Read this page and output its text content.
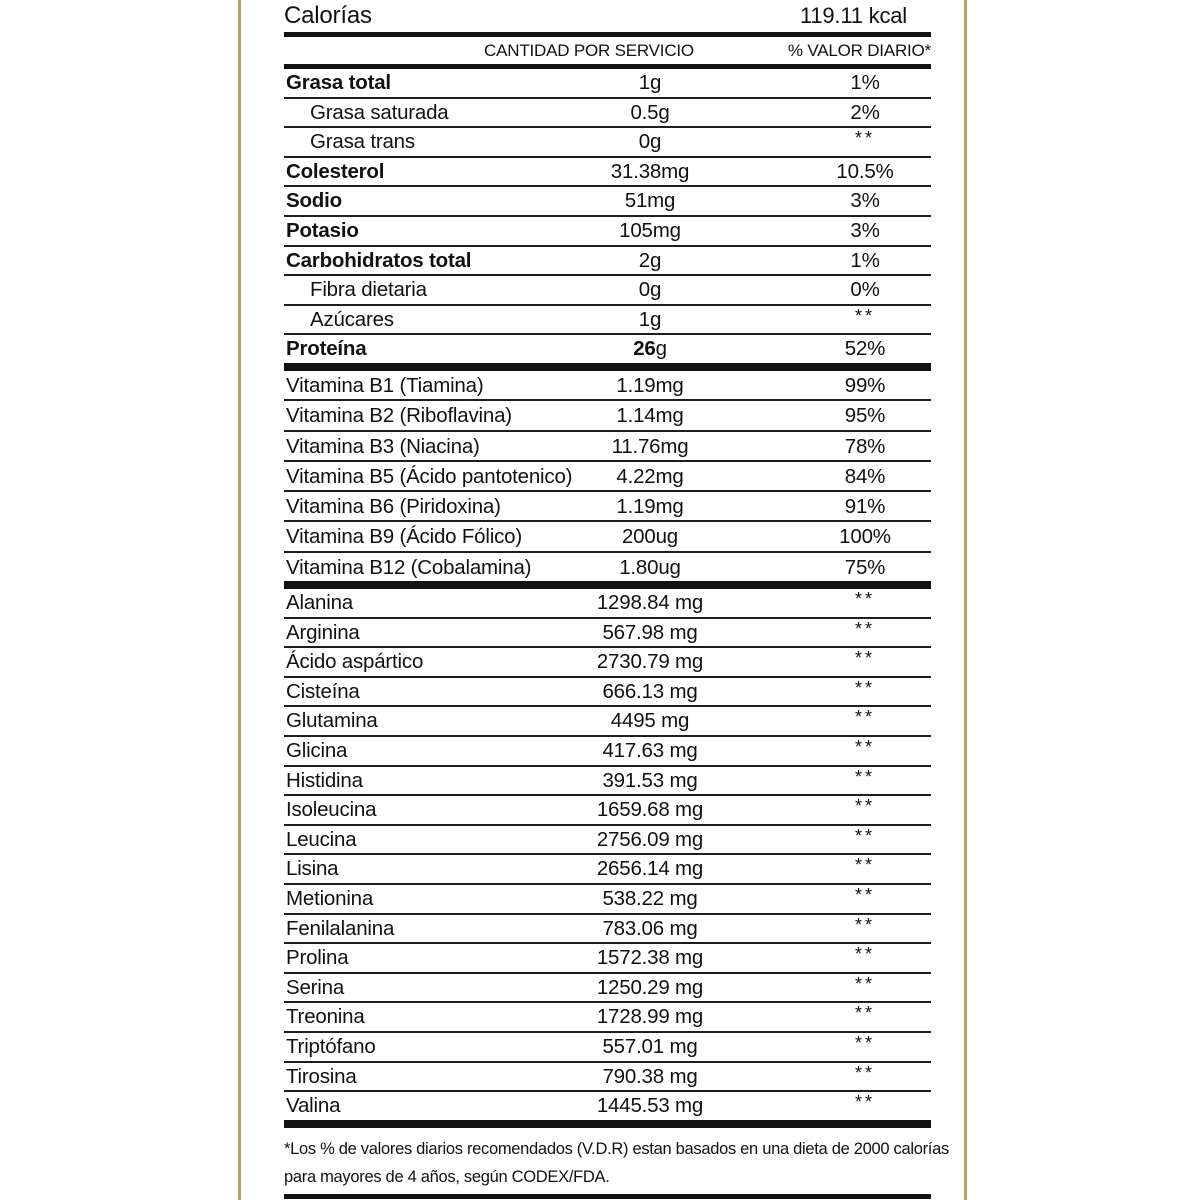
Calorías	119.11 kcal
CANTIDAD POR SERVICIO	% VALOR DIARIO*
Grasa total	1g	1%
Grasa saturada	0.5g	2%
Grasa trans	0g	**
Colesterol	31.38mg	10.5%
Sodio	51mg	3%
Potasio	105mg	3%
Carbohidratos total	2g	1%
Fibra dietaria	0g	0%
Azúcares	1g	**
Proteína	26g	52%
Vitamina B1 (Tiamina)	1.19mg	99%
Vitamina B2 (Riboflavina)	1.14mg	95%
Vitamina B3 (Niacina)	11.76mg	78%
Vitamina B5 (Ácido pantotenico)	4.22mg	84%
Vitamina B6 (Piridoxina)	1.19mg	91%
Vitamina B9 (Ácido Fólico)	200ug	100%
Vitamina B12 (Cobalamina)	1.80ug	75%
Alanina	1298.84 mg	**
Arginina	567.98 mg	**
Ácido aspártico	2730.79 mg	**
Cisteína	666.13 mg	**
Glutamina	4495 mg	**
Glicina	417.63 mg	**
Histidina	391.53 mg	**
Isoleucina	1659.68 mg	**
Leucina	2756.09 mg	**
Lisina	2656.14 mg	**
Metionina	538.22 mg	**
Fenilalanina	783.06 mg	**
Prolina	1572.38 mg	**
Serina	1250.29 mg	**
Treonina	1728.99 mg	**
Triptófano	557.01 mg	**
Tirosina	790.38 mg	**
Valina	1445.53 mg	**
*Los % de valores diarios recomendados (V.D.R) estan basados en una dieta de 2000 calorías
para mayores de 4 años, según CODEX/FDA.
